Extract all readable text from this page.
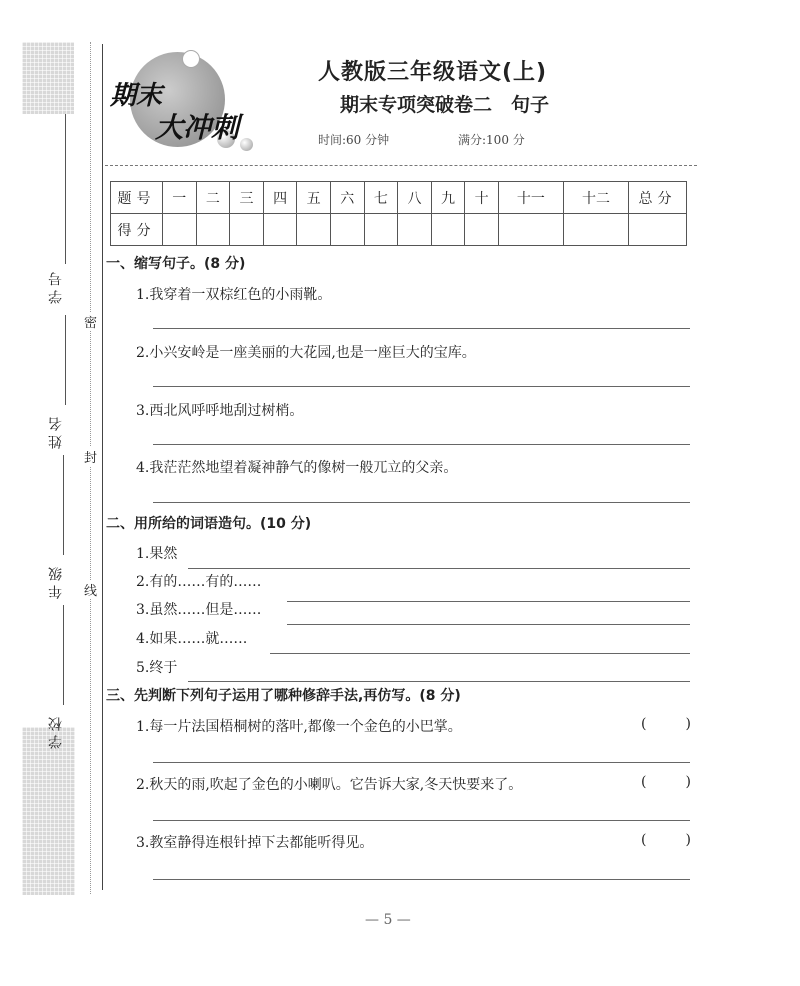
学号
姓名
年级
学校
密
封
线
期末
大冲刺
人教版三年级语文(上)
期末专项突破卷二　句子
时间:60 分钟	满分:100 分
题号	一	二	三	四	五	六	七	八	九	十	十一	十二	总分
得分													
一、缩写句子。(8 分)
1.我穿着一双棕红色的小雨靴。
2.小兴安岭是一座美丽的大花园,也是一座巨大的宝库。
3.西北风呼呼地刮过树梢。
4.我茫茫然地望着凝神静气的像树一般兀立的父亲。
二、用所给的词语造句。(10 分)
1.果然
2.有的……有的……
3.虽然……但是……
4.如果……就……
5.终于
三、先判断下列句子运用了哪种修辞手法,再仿写。(8 分)
1.每一片法国梧桐树的落叶,都像一个金色的小巴掌。	(	)
2.秋天的雨,吹起了金色的小喇叭。它告诉大家,冬天快要来了。	(	)
3.教室静得连根针掉下去都能听得见。	(	)
— 5 —
